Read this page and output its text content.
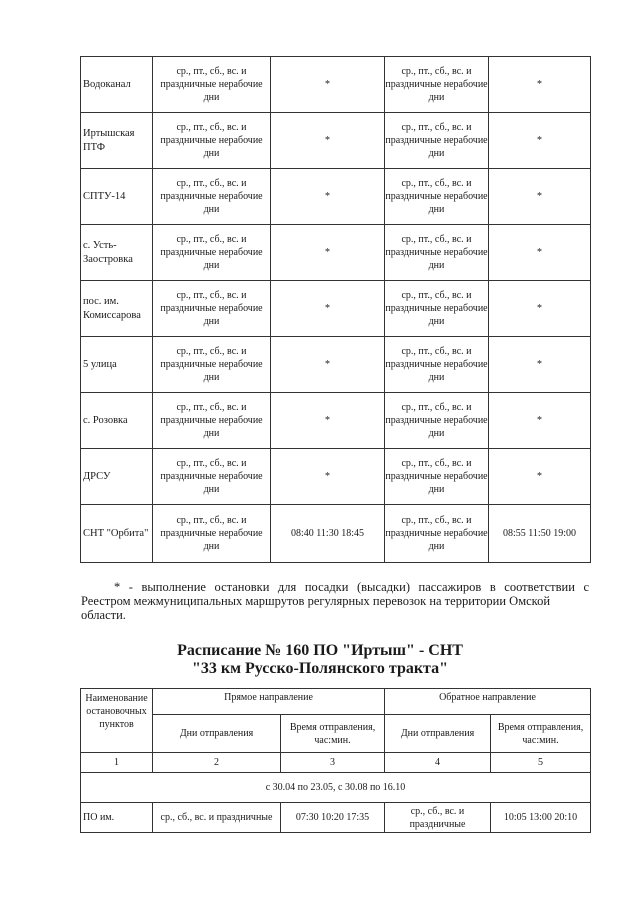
Водоканал	ср., пт., сб., вс. и праздничные нерабочие дни	*	ср., пт., сб., вс. и праздничные нерабочие дни	*
Иртышская ПТФ	ср., пт., сб., вс. и праздничные нерабочие дни	*	ср., пт., сб., вс. и праздничные нерабочие дни	*
СПТУ-14	ср., пт., сб., вс. и праздничные нерабочие дни	*	ср., пт., сб., вс. и праздничные нерабочие дни	*
с. Усть-Заостровка	ср., пт., сб., вс. и праздничные нерабочие дни	*	ср., пт., сб., вс. и праздничные нерабочие дни	*
пос. им. Комиссарова	ср., пт., сб., вс. и праздничные нерабочие дни	*	ср., пт., сб., вс. и праздничные нерабочие дни	*
5 улица	ср., пт., сб., вс. и праздничные нерабочие дни	*	ср., пт., сб., вс. и праздничные нерабочие дни	*
с. Розовка	ср., пт., сб., вс. и праздничные нерабочие дни	*	ср., пт., сб., вс. и праздничные нерабочие дни	*
ДРСУ	ср., пт., сб., вс. и праздничные нерабочие дни	*	ср., пт., сб., вс. и праздничные нерабочие дни	*
СНТ "Орбита"	ср., пт., сб., вс. и праздничные нерабочие дни	08:40 11:30 18:45	ср., пт., сб., вс. и праздничные нерабочие дни	08:55 11:50 19:00
* - выполнение остановки для посадки (высадки) пассажиров в соответствии с
Реестром межмуниципальных маршрутов регулярных перевозок на территории Омской
области.
Расписание № 160 ПО "Иртыш" - СНТ
"33 км Русско-Полянского тракта"
Наименование остановочных пунктов	Прямое направление		Обратное направление	
	Дни отправления	Время отправления, час:мин.	Дни отправления	Время отправления, час:мин.
1	2	3	4	5
с 30.04 по 23.05, с 30.08 по 16.10				
ПО им.	ср., сб., вс. и праздничные	07:30 10:20 17:35	ср., сб., вс. и праздничные	10:05 13:00 20:10
